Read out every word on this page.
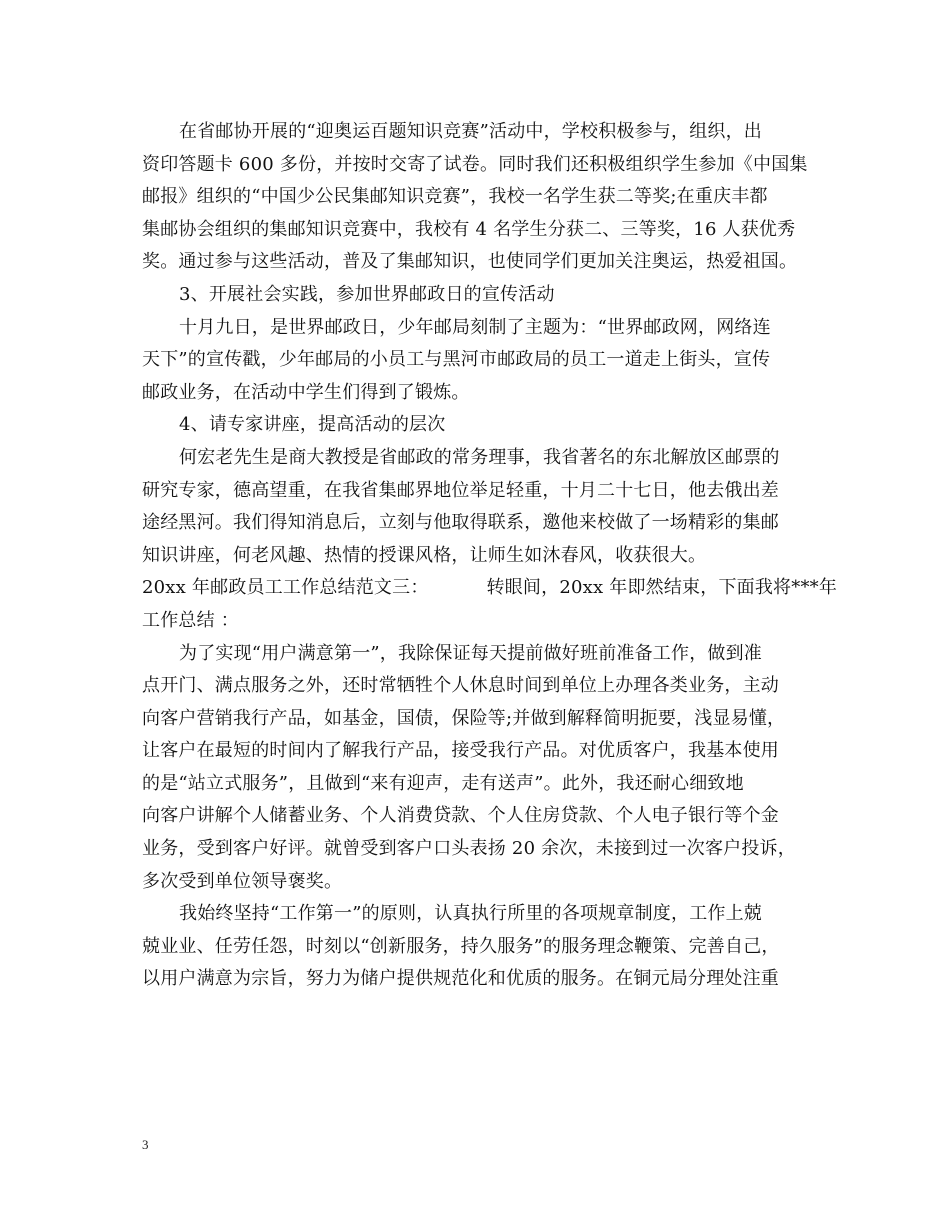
在省邮协开展的“迎奥运百题知识竞赛”活动中，学校积极参与，组织，出
资印答题卡 600 多份，并按时交寄了试卷。同时我们还积极组织学生参加《中国集
邮报》组织的“中国少公民集邮知识竞赛”，我校一名学生获二等奖;在重庆丰都
集邮协会组织的集邮知识竞赛中，我校有 4 名学生分获二、三等奖，16 人获优秀
奖。通过参与这些活动，普及了集邮知识，也使同学们更加关注奥运，热爱祖国。
3、开展社会实践，参加世界邮政日的宣传活动
十月九日，是世界邮政日，少年邮局刻制了主题为：“世界邮政网，网络连
天下”的宣传戳，少年邮局的小员工与黑河市邮政局的员工一道走上街头，宣传
邮政业务，在活动中学生们得到了锻炼。
4、请专家讲座，提高活动的层次
何宏老先生是商大教授是省邮政的常务理事，我省著名的东北解放区邮票的
研究专家，德高望重，在我省集邮界地位举足轻重，十月二十七日，他去俄出差
途经黑河。我们得知消息后，立刻与他取得联系，邀他来校做了一场精彩的集邮
知识讲座，何老风趣、热情的授课风格，让师生如沐春风，收获很大。
20xx 年邮政员工工作总结范文三：	转眼间，20xx 年即然结束，下面我将***年
工作总结 ：
为了实现“用户满意第一”，我除保证每天提前做好班前准备工作，做到准
点开门、满点服务之外，还时常牺牲个人休息时间到单位上办理各类业务，主动
向客户营销我行产品，如基金，国债，保险等;并做到解释简明扼要，浅显易懂，
让客户在最短的时间内了解我行产品，接受我行产品。对优质客户，我基本使用
的是“站立式服务”，且做到“来有迎声，走有送声”。此外，我还耐心细致地
向客户讲解个人储蓄业务、个人消费贷款、个人住房贷款、个人电子银行等个金
业务，受到客户好评。就曾受到客户口头表扬 20 余次，未接到过一次客户投诉，
多次受到单位领导褒奖。
我始终坚持“工作第一”的原则，认真执行所里的各项规章制度，工作上兢
兢业业、任劳任怨，时刻以“创新服务，持久服务”的服务理念鞭策、完善自己，
以用户满意为宗旨，努力为储户提供规范化和优质的服务。在铜元局分理处注重
3
